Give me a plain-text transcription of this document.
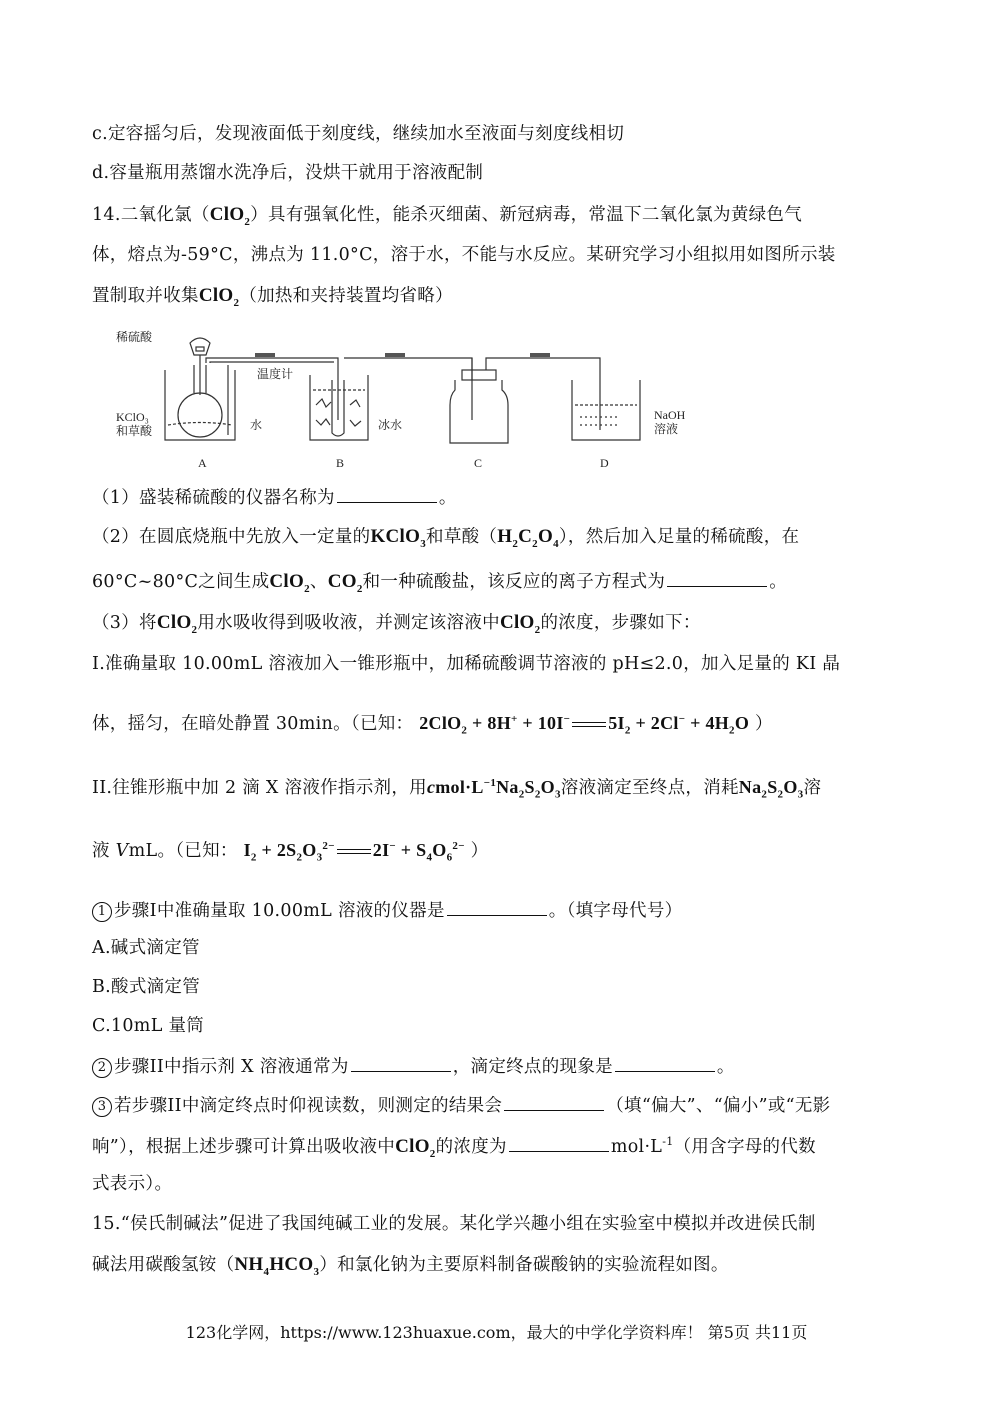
c.定容摇匀后，发现液面低于刻度线，继续加水至液面与刻度线相切
d.容量瓶用蒸馏水洗净后，没烘干就用于溶液配制
14.二氧化氯（ClO$_2$）具有强氧化性，能杀灭细菌、新冠病毒，常温下二氧化氯为黄绿色气
体，熔点为-59°C，沸点为 11.0°C，溶于水，不能与水反应。某研究学习小组拟用如图所示装
置制取并收集ClO$_2$（加热和夹持装置均省略）
稀硫酸
温度计
KClO₃
和草酸	水	冰水
NaOH
溶液
A	B	C	D
（1）盛装稀硫酸的仪器名称为	。
（2）在圆底烧瓶中先放入一定量的KClO$_3$和草酸$(H_2C_2O_4)$，然后加入足量的稀硫酸，在
60°C~80°C之间生成ClO$_2$、$CO_2$和一种硫酸盐，该反应的离子方程式为	。
（3）将ClO$_2$用水吸收得到吸收液，并测定该溶液中ClO$_2$的浓度，步骤如下：
I.准确量取 10.00mL 溶液加入一锥形瓶中，加稀硫酸调节溶液的 pH≤2.0，加入足量的 KI 晶
体，摇匀，在暗处静置 30min。（已知： 2ClO$_2$ + 8H+ + 10I− $5I_2 + 2Cl^- + 4H_2O$ ）
II.往锥形瓶中加 2 滴 X 溶液作指示剂，用$cmol\cdot L^{-1}Na_2S_2O_3$溶液滴定至终点，消耗$Na_2S_2O_3$溶
液 VmL。（已知： $I_2 + 2S_2O_3^{2-}$ $2I^- + S_4O_6^{2-}$ ）
1 步骤I中准确量取 10.00mL 溶液的仪器是	。（填字母代号）
A.碱式滴定管
B.酸式滴定管
C.10mL 量筒
2 步骤II中指示剂 X 溶液通常为	，滴定终点的现象是	。
3 若步骤II中滴定终点时仰视读数，则测定的结果会	（填“偏大”、“偏小”或“无影
响”），根据上述步骤可计算出吸收液中ClO$_2$的浓度为	$mol\cdot L^{-1}$（用含字母的代数
式表示）。
15.“侯氏制碱法”促进了我国纯碱工业的发展。某化学兴趣小组在实验室中模拟并改进侯氏制
碱法用碳酸氢铵$(NH_4HCO_3)$和氯化钠为主要原料制备碳酸钠的实验流程如图。
123化学网，https://www.123huaxue.com，最大的中学化学资料库！ 第5页 共11页
